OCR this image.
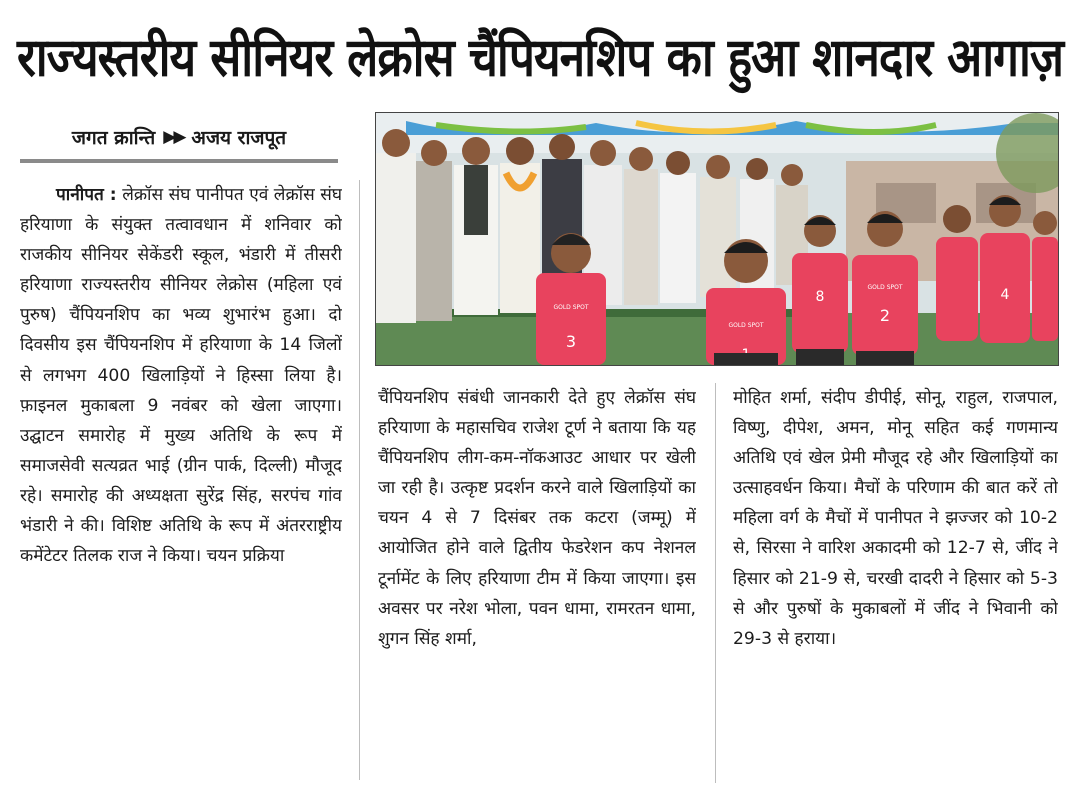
राज्यस्तरीय सीनियर लेक्रोस चैंपियनशिप का हुआ शानदार आगाज़
जगत क्रान्ति ▶▶ अजय राजपूत

पानीपत : लेक्रॉस संघ पानीपत एवं लेक्रॉस संघ हरियाणा के संयुक्त तत्वावधान में शनिवार को राजकीय सीनियर सेकेंडरी स्कूल, भंडारी में तीसरी हरियाणा राज्यस्तरीय सीनियर लेक्रोस (महिला एवं पुरुष) चैंपियनशिप का भव्य शुभारंभ हुआ। दो दिवसीय इस चैंपियनशिप में हरियाणा के 14 जिलों से लगभग 400 खिलाड़ियों ने हिस्सा लिया है। फ़ाइनल मुकाबला 9 नवंबर को खेला जाएगा। उद्घाटन समारोह में मुख्य अतिथि के रूप में समाजसेवी सत्यव्रत भाई (ग्रीन पार्क, दिल्ली) मौजूद रहे। समारोह की अध्यक्षता सुरेंद्र सिंह, सरपंच गांव भंडारी ने की। विशिष्ट अतिथि के रूप में अंतरराष्ट्रीय कमेंटेटर तिलक राज ने किया। चयन प्रक्रिया

3
GOLD SPOT
GOLD SPOT
8
2
GOLD SPOT	4

चैंपियनशिप संबंधी जानकारी देते हुए लेक्रॉस संघ हरियाणा के महासचिव राजेश टूर्ण ने बताया कि यह चैंपियनशिप लीग-कम-नॉकआउट आधार पर खेली जा रही है। उत्कृष्ट प्रदर्शन करने वाले खिलाड़ियों का चयन 4 से 7 दिसंबर तक कटरा (जम्मू) में आयोजित होने वाले द्वितीय फेडरेशन कप नेशनल टूर्नामेंट के लिए हरियाणा टीम में किया जाएगा। इस अवसर पर नरेश भोला, पवन धामा, रामरतन धामा, शुगन सिंह शर्मा,

मोहित शर्मा, संदीप डीपीई, सोनू, राहुल, राजपाल, विष्णु, दीपेश, अमन, मोनू सहित कई गणमान्य अतिथि एवं खेल प्रेमी मौजूद रहे और खिलाड़ियों का उत्साहवर्धन किया। मैचों के परिणाम की बात करें तो महिला वर्ग के मैचों में पानीपत ने झज्जर को 10-2 से, सिरसा ने वारिश अकादमी को 12-7 से, जींद ने हिसार को 21-9 से, चरखी दादरी ने हिसार को 5-3 से और पुरुषों के मुकाबलों में जींद ने भिवानी को 29-3 से हराया।
